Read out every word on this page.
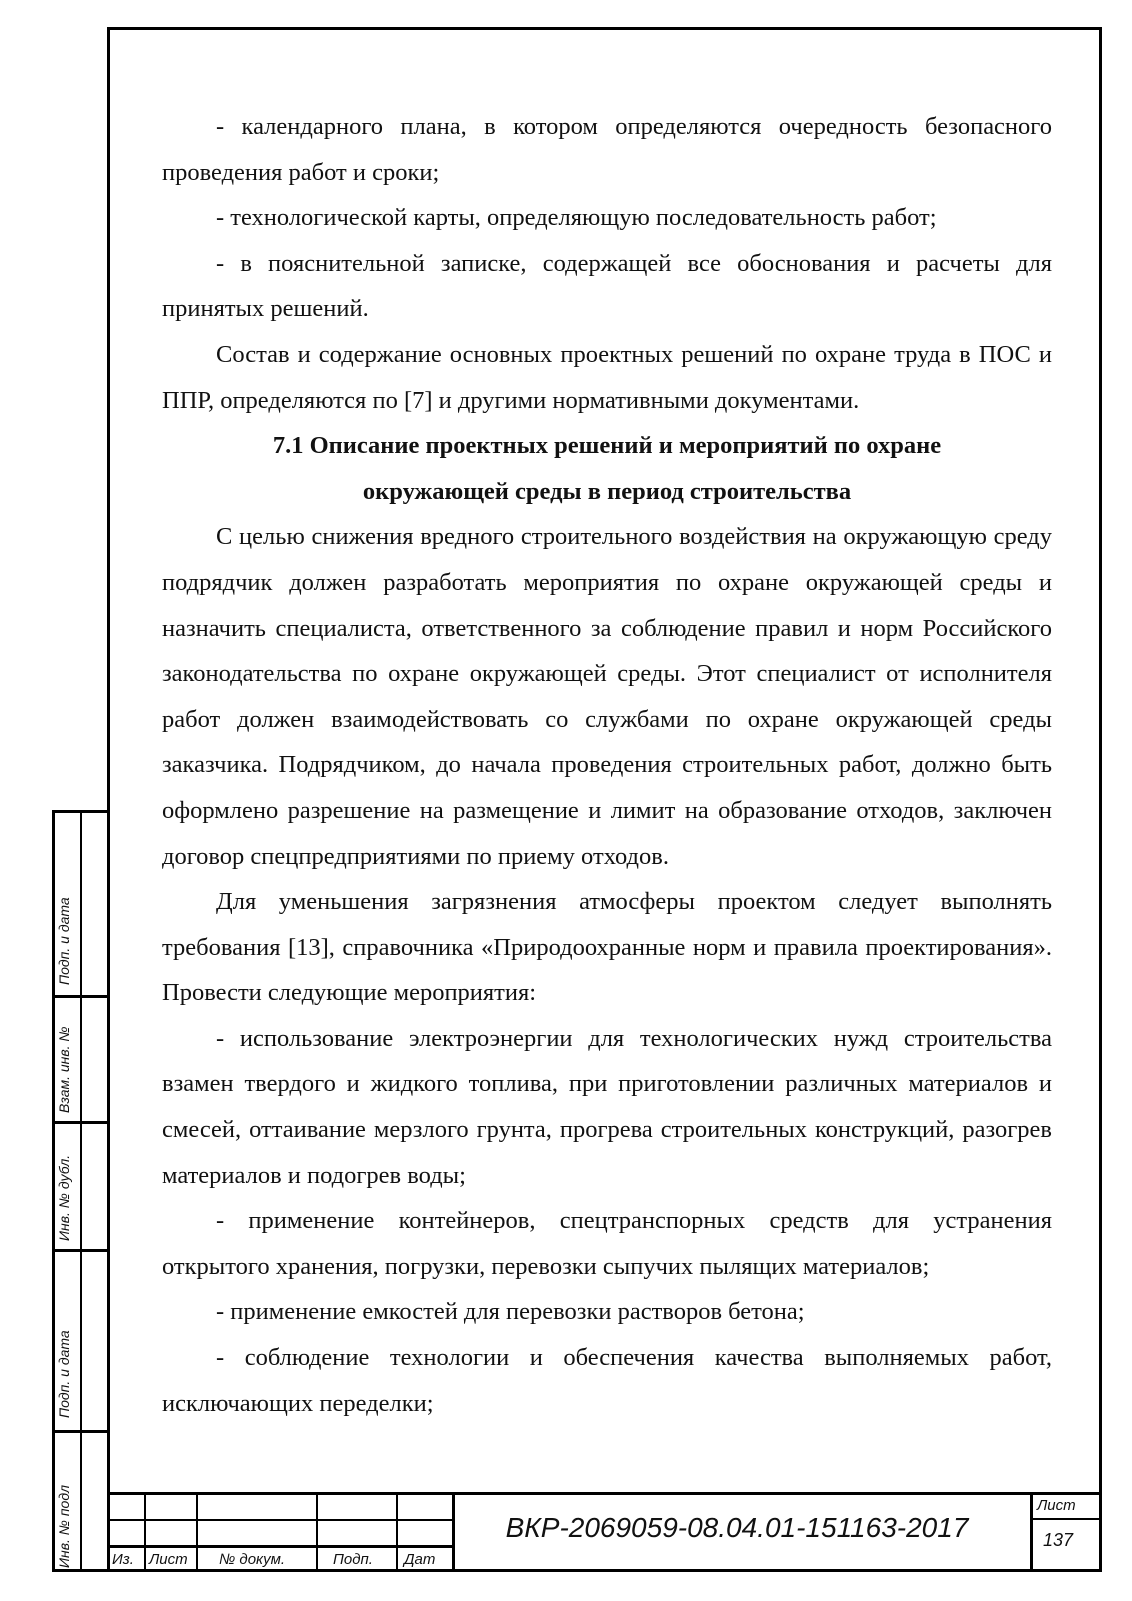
- календарного плана, в котором определяются очередность безопасного проведения работ и сроки;

- технологической карты, определяющую последовательность работ;

- в пояснительной записке, содержащей все обоснования и расчеты для принятых решений.

Состав и содержание основных проектных решений по охране труда в ПОС и ППР, определяются по [7] и другими нормативными документами.

7.1 Описание проектных решений и мероприятий по охране
окружающей среды в период строительства

С целью снижения вредного строительного воздействия на окружающую среду подрядчик должен разработать мероприятия по охране окружающей среды и назначить специалиста, ответственного за соблюдение правил и норм Российского законодательства по охране окружающей среды. Этот специалист от исполнителя работ должен взаимодействовать со службами по охране окружающей среды заказчика. Подрядчиком, до начала проведения строительных работ, должно быть оформлено разрешение на размещение и лимит на образование отходов, заключен договор спецпредприятиями по приему отходов.

Для уменьшения загрязнения атмосферы проектом следует выполнять требования [13], справочника «Природоохранные норм и правила проектирования». Провести следующие мероприятия:

- использование электроэнергии для технологических нужд строительства взамен твердого и жидкого топлива, при приготовлении различных материалов и смесей, оттаивание мерзлого грунта, прогрева строительных конструкций, разогрев материалов и подогрев воды;

- применение контейнеров, спецтранспорных средств для устранения открытого хранения, погрузки, перевозки сыпучих пылящих материалов;

- применение емкостей для перевозки растворов бетона;

- соблюдение технологии и обеспечения качества выполняемых работ, исключающих переделки;

Подп. и дата
Взам. инв. №
Инв. № дубл.
Подп. и дата
Инв. № подл	Из. Лист № докум.	Подп. Дат
ВКР-2069059-08.04.01-151163-2017
Лист
137
